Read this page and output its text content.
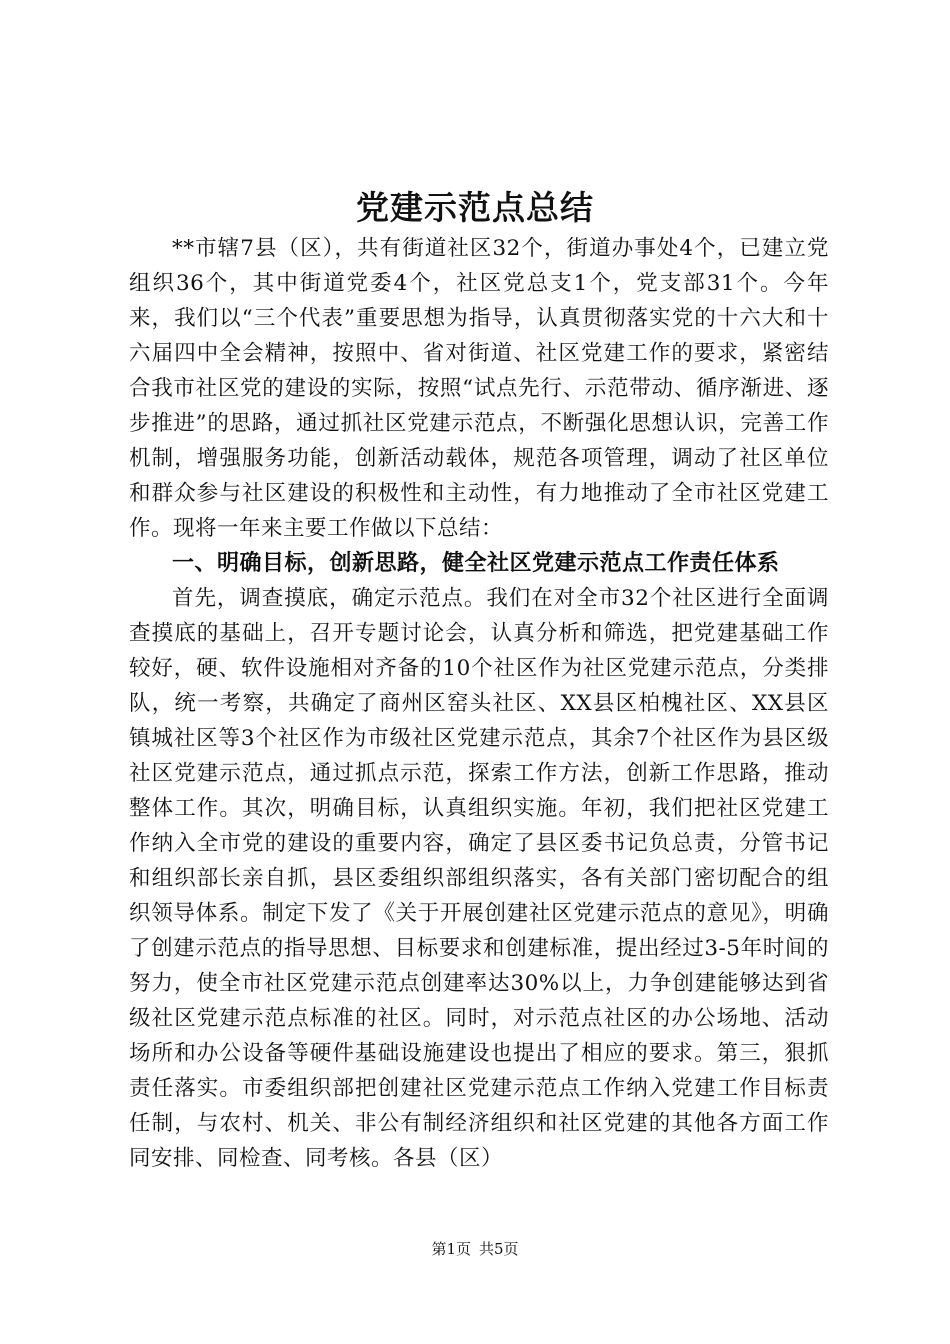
党建示范点总结

**市辖7县（区），共有街道社区32个，街道办事处4个，已建立党组织36个，其中街道党委4个，社区党总支1个，党支部31个。今年来，我们以“三个代表”重要思想为指导，认真贯彻落实党的十六大和十六届四中全会精神，按照中、省对街道、社区党建工作的要求，紧密结合我市社区党的建设的实际，按照“试点先行、示范带动、循序渐进、逐步推进”的思路，通过抓社区党建示范点，不断强化思想认识，完善工作机制，增强服务功能，创新活动载体，规范各项管理，调动了社区单位和群众参与社区建设的积极性和主动性，有力地推动了全市社区党建工作。现将一年来主要工作做以下总结：

一、明确目标，创新思路，健全社区党建示范点工作责任体系

首先，调查摸底，确定示范点。我们在对全市32个社区进行全面调查摸底的基础上，召开专题讨论会，认真分析和筛选，把党建基础工作较好，硬、软件设施相对齐备的10个社区作为社区党建示范点，分类排队，统一考察，共确定了商州区窑头社区、XX县区柏槐社区、XX县区镇城社区等3个社区作为市级社区党建示范点，其余7个社区作为县区级社区党建示范点，通过抓点示范，探索工作方法，创新工作思路，推动整体工作。其次，明确目标，认真组织实施。年初，我们把社区党建工作纳入全市党的建设的重要内容，确定了县区委书记负总责，分管书记和组织部长亲自抓，县区委组织部组织落实，各有关部门密切配合的组织领导体系。制定下发了《关于开展创建社区党建示范点的意见》，明确了创建示范点的指导思想、目标要求和创建标准，提出经过3-5年时间的努力，使全市社区党建示范点创建率达30%以上，力争创建能够达到省级社区党建示范点标准的社区。同时，对示范点社区的办公场地、活动场所和办公设备等硬件基础设施建设也提出了相应的要求。第三，狠抓责任落实。市委组织部把创建社区党建示范点工作纳入党建工作目标责任制，与农村、机关、非公有制经济组织和社区党建的其他各方面工作同安排、同检查、同考核。各县（区）

第1页 共5页
